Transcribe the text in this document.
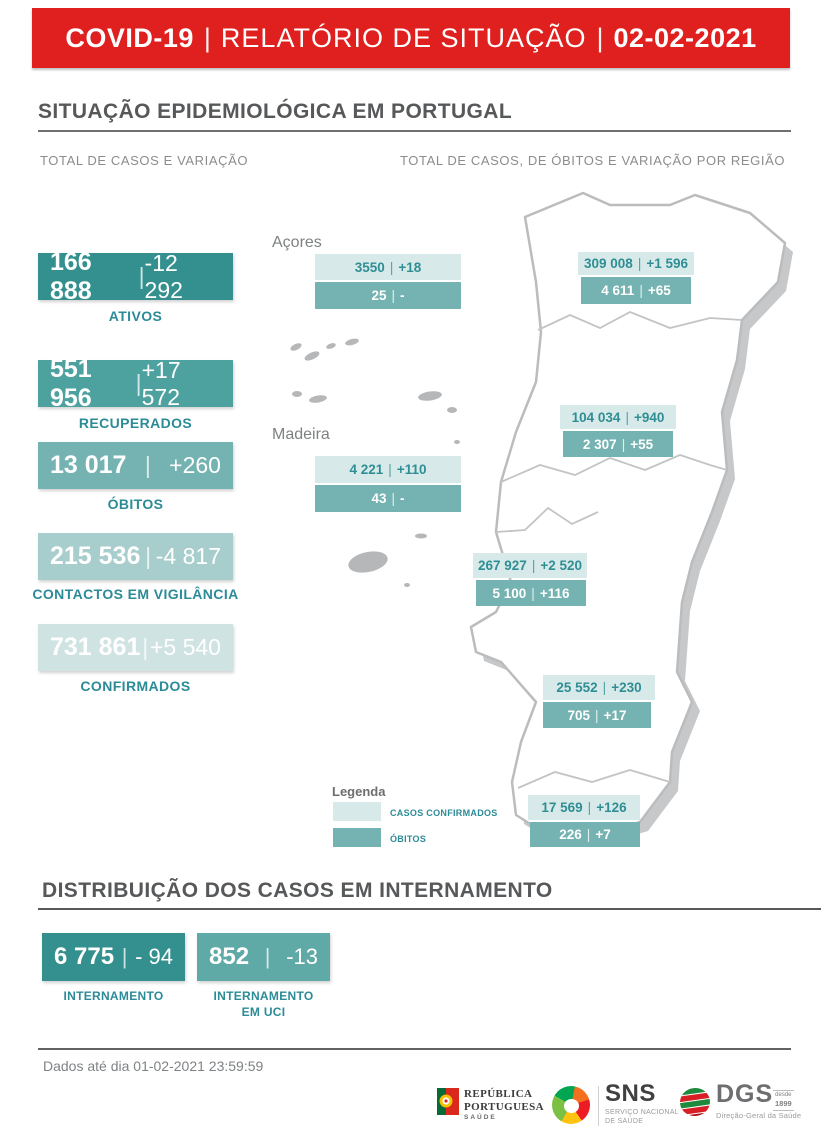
COVID-19 | RELATÓRIO DE SITUAÇÃO | 02-02-2021
SITUAÇÃO EPIDEMIOLÓGICA EM PORTUGAL
TOTAL DE CASOS E VARIAÇÃO	TOTAL DE CASOS, DE ÓBITOS E VARIAÇÃO POR REGIÃO
166 888
|
-12 292
ATIVOS
551 956
|
+17 572
RECUPERADOS
13 017 | +260
ÓBITOS
215 536 | -4 817
CONTACTOS EM VIGILÂNCIA
731 861 | +5 540
CONFIRMADOS
Açores
3550 | +18
25 | -
Madeira
4 221 | +110
43 | -
309 008 | +1 596
4 611 | +65
104 034 | +940
2 307 | +55
267 927 | +2 520
5 100 | +116
25 552 | +230
705 | +17
17 569 | +126
226 | +7
Legenda
CASOS CONFIRMADOS
ÓBITOS
DISTRIBUIÇÃO DOS CASOS EM INTERNAMENTO
6 775 | - 94
INTERNAMENTO
852 | -13
INTERNAMENTO
EM UCI
Dados até dia 01-02-2021 23:59:59
REPÚBLICA
PORTUGUESA
SAÚDE
SNS
SERVIÇO NACIONAL
DE SAÚDE
DGS desde
1899
Direção-Geral da Saúde
